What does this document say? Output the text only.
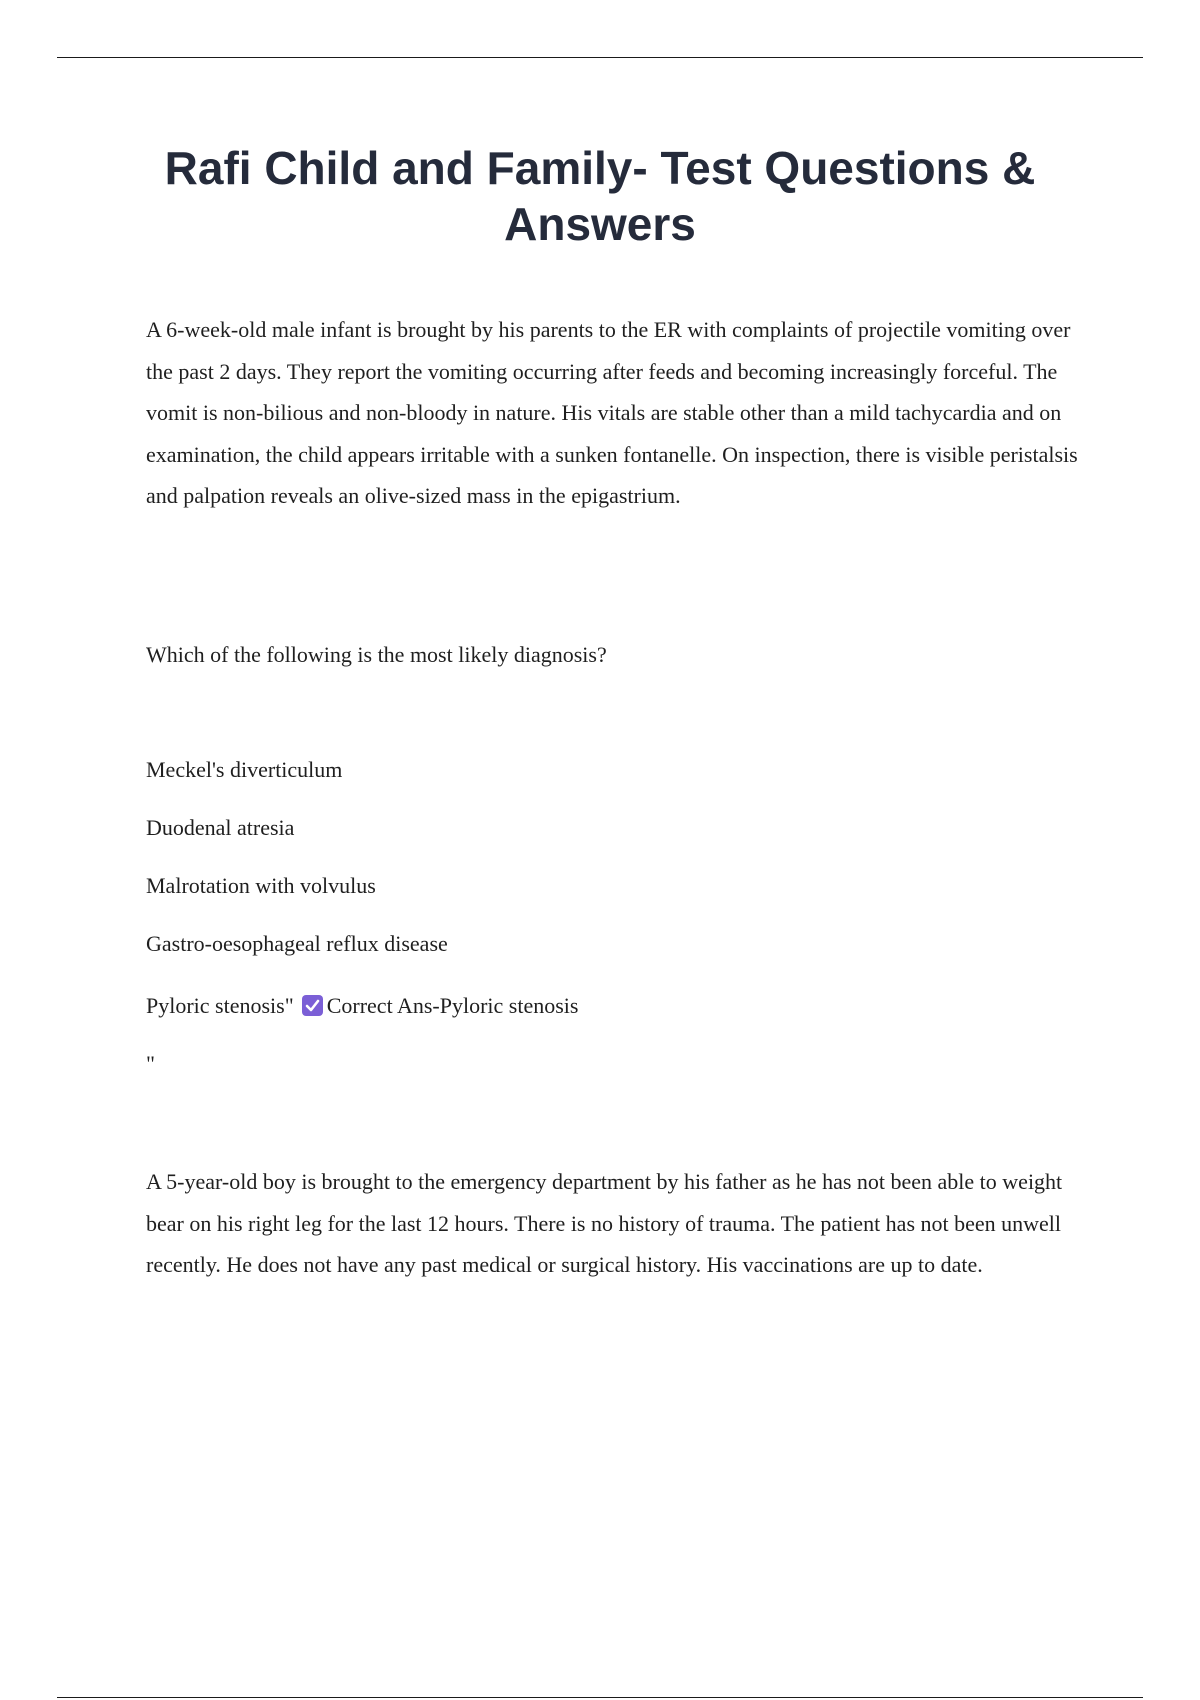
Rafi Child and Family- Test Questions & Answers

A 6-week-old male infant is brought by his parents to the ER with complaints of projectile vomiting over the past 2 days. They report the vomiting occurring after feeds and becoming increasingly forceful. The vomit is non-bilious and non-bloody in nature. His vitals are stable other than a mild tachycardia and on examination, the child appears irritable with a sunken fontanelle. On inspection, there is visible peristalsis and palpation reveals an olive-sized mass in the epigastrium.

Which of the following is the most likely diagnosis?

Meckel's diverticulum

Duodenal atresia

Malrotation with volvulus

Gastro-oesophageal reflux disease

Pyloric stenosis" Correct Ans-Pyloric stenosis

"

A 5-year-old boy is brought to the emergency department by his father as he has not been able to weight bear on his right leg for the last 12 hours. There is no history of trauma. The patient has not been unwell recently. He does not have any past medical or surgical history. His vaccinations are up to date.
